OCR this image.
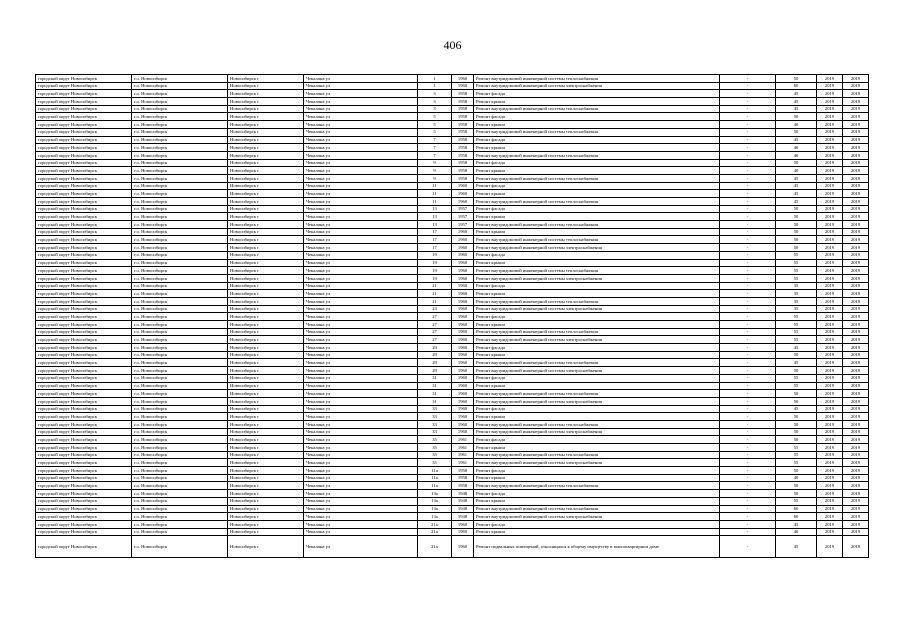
406
городской округ Новосибирск	г.о. Новосибирск	Новосибирск г	Чекалина ул	1	1960	Ремонт внутридомовой инженерной системы теплоснабжения	-	50	2019	2019
городской округ Новосибирск	г.о. Новосибирск	Новосибирск г	Чекалина ул	1	1960	Ремонт внутридомовой инженерной системы электроснабжения	-	60	2019	2019
городской округ Новосибирск	г.о. Новосибирск	Новосибирск г	Чекалина ул	3	1958	Ремонт фасада	-	45	2019	2019
городской округ Новосибирск	г.о. Новосибирск	Новосибирск г	Чекалина ул	3	1958	Ремонт крыши	-	45	2019	2019
городской округ Новосибирск	г.о. Новосибирск	Новосибирск г	Чекалина ул	3	1958	Ремонт внутридомовой инженерной системы теплоснабжения	-	45	2019	2019
городской округ Новосибирск	г.о. Новосибирск	Новосибирск г	Чекалина ул	5	1958	Ремонт фасада	-	50	2019	2019
городской округ Новосибирск	г.о. Новосибирск	Новосибирск г	Чекалина ул	5	1958	Ремонт крыши	-	40	2019	2019
городской округ Новосибирск	г.о. Новосибирск	Новосибирск г	Чекалина ул	5	1958	Ремонт внутридомовой инженерной системы теплоснабжения	-	50	2019	2019
городской округ Новосибирск	г.о. Новосибирск	Новосибирск г	Чекалина ул	7	1958	Ремонт фасада	-	45	2019	2019
городской округ Новосибирск	г.о. Новосибирск	Новосибирск г	Чекалина ул	7	1958	Ремонт крыши	-	40	2019	2019
городской округ Новосибирск	г.о. Новосибирск	Новосибирск г	Чекалина ул	7	1958	Ремонт внутридомовой инженерной системы теплоснабжения	-	40	2019	2019
городской округ Новосибирск	г.о. Новосибирск	Новосибирск г	Чекалина ул	9	1958	Ремонт фасада	-	50	2019	2019
городской округ Новосибирск	г.о. Новосибирск	Новосибирск г	Чекалина ул	9	1958	Ремонт крыши	-	40	2019	2019
городской округ Новосибирск	г.о. Новосибирск	Новосибирск г	Чекалина ул	9	1958	Ремонт внутридомовой инженерной системы теплоснабжения	-	45	2019	2019
городской округ Новосибирск	г.о. Новосибирск	Новосибирск г	Чекалина ул	11	1960	Ремонт фасада	-	45	2019	2019
городской округ Новосибирск	г.о. Новосибирск	Новосибирск г	Чекалина ул	11	1960	Ремонт крыши	-	45	2019	2019
городской округ Новосибирск	г.о. Новосибирск	Новосибирск г	Чекалина ул	11	1960	Ремонт внутридомовой инженерной системы теплоснабжения	-	45	2019	2019
городской округ Новосибирск	г.о. Новосибирск	Новосибирск г	Чекалина ул	13	1957	Ремонт фасада	-	50	2019	2019
городской округ Новосибирск	г.о. Новосибирск	Новосибирск г	Чекалина ул	13	1957	Ремонт крыши	-	50	2019	2019
городской округ Новосибирск	г.о. Новосибирск	Новосибирск г	Чекалина ул	13	1957	Ремонт внутридомовой инженерной системы теплоснабжения	-	50	2019	2019
городской округ Новосибирск	г.о. Новосибирск	Новосибирск г	Чекалина ул	17	1960	Ремонт крыши	-	50	2019	2019
городской округ Новосибирск	г.о. Новосибирск	Новосибирск г	Чекалина ул	17	1960	Ремонт внутридомовой инженерной системы теплоснабжения	-	50	2019	2019
городской округ Новосибирск	г.о. Новосибирск	Новосибирск г	Чекалина ул	17	1960	Ремонт внутридомовой инженерной системы электроснабжения	-	50	2019	2019
городской округ Новосибирск	г.о. Новосибирск	Новосибирск г	Чекалина ул	19	1960	Ремонт фасада	-	55	2019	2019
городской округ Новосибирск	г.о. Новосибирск	Новосибирск г	Чекалина ул	19	1960	Ремонт крыши	-	55	2019	2019
городской округ Новосибирск	г.о. Новосибирск	Новосибирск г	Чекалина ул	19	1960	Ремонт внутридомовой инженерной системы теплоснабжения	-	55	2019	2019
городской округ Новосибирск	г.о. Новосибирск	Новосибирск г	Чекалина ул	19	1960	Ремонт внутридомовой инженерной системы электроснабжения	-	55	2019	2019
городской округ Новосибирск	г.о. Новосибирск	Новосибирск г	Чекалина ул	21	1960	Ремонт фасада	-	35	2019	2019
городской округ Новосибирск	г.о. Новосибирск	Новосибирск г	Чекалина ул	21	1960	Ремонт крыши	-	35	2019	2019
городской округ Новосибирск	г.о. Новосибирск	Новосибирск г	Чекалина ул	21	1960	Ремонт внутридомовой инженерной системы теплоснабжения	-	35	2019	2019
городской округ Новосибирск	г.о. Новосибирск	Новосибирск г	Чекалина ул	23	1960	Ремонт внутридомовой инженерной системы электроснабжения	-	35	2019	2019
городской округ Новосибирск	г.о. Новосибирск	Новосибирск г	Чекалина ул	27	1960	Ремонт фасада	-	55	2019	2019
городской округ Новосибирск	г.о. Новосибирск	Новосибирск г	Чекалина ул	27	1960	Ремонт крыши	-	55	2019	2019
городской округ Новосибирск	г.о. Новосибирск	Новосибирск г	Чекалина ул	27	1960	Ремонт внутридомовой инженерной системы теплоснабжения	-	55	2019	2019
городской округ Новосибирск	г.о. Новосибирск	Новосибирск г	Чекалина ул	27	1960	Ремонт внутридомовой инженерной системы электроснабжения	-	55	2019	2019
городской округ Новосибирск	г.о. Новосибирск	Новосибирск г	Чекалина ул	29	1960	Ремонт фасада	-	45	2019	2019
городской округ Новосибирск	г.о. Новосибирск	Новосибирск г	Чекалина ул	29	1960	Ремонт крыши	-	50	2019	2019
городской округ Новосибирск	г.о. Новосибирск	Новосибирск г	Чекалина ул	29	1960	Ремонт внутридомовой инженерной системы теплоснабжения	-	45	2019	2019
городской округ Новосибирск	г.о. Новосибирск	Новосибирск г	Чекалина ул	29	1960	Ремонт внутридомовой инженерной системы электроснабжения	-	50	2019	2019
городской округ Новосибирск	г.о. Новосибирск	Новосибирск г	Чекалина ул	31	1960	Ремонт фасада	-	55	2019	2019
городской округ Новосибирск	г.о. Новосибирск	Новосибирск г	Чекалина ул	31	1960	Ремонт крыши	-	55	2019	2019
городской округ Новосибирск	г.о. Новосибирск	Новосибирск г	Чекалина ул	31	1960	Ремонт внутридомовой инженерной системы теплоснабжения	-	50	2019	2019
городской округ Новосибирск	г.о. Новосибирск	Новосибирск г	Чекалина ул	31	1960	Ремонт внутридомовой инженерной системы электроснабжения	-	50	2019	2019
городской округ Новосибирск	г.о. Новосибирск	Новосибирск г	Чекалина ул	33	1960	Ремонт фасада	-	45	2019	2019
городской округ Новосибирск	г.о. Новосибирск	Новосибирск г	Чекалина ул	33	1960	Ремонт крыши	-	50	2019	2019
городской округ Новосибирск	г.о. Новосибирск	Новосибирск г	Чекалина ул	33	1960	Ремонт внутридомовой инженерной системы теплоснабжения	-	50	2019	2019
городской округ Новосибирск	г.о. Новосибирск	Новосибирск г	Чекалина ул	33	1960	Ремонт внутридомовой инженерной системы электроснабжения	-	50	2019	2019
городской округ Новосибирск	г.о. Новосибирск	Новосибирск г	Чекалина ул	35	1961	Ремонт фасада	-	50	2019	2019
городской округ Новосибирск	г.о. Новосибирск	Новосибирск г	Чекалина ул	35	1961	Ремонт крыши	-	55	2019	2019
городской округ Новосибирск	г.о. Новосибирск	Новосибирск г	Чекалина ул	35	1961	Ремонт внутридомовой инженерной системы теплоснабжения	-	55	2019	2019
городской округ Новосибирск	г.о. Новосибирск	Новосибирск г	Чекалина ул	35	1961	Ремонт внутридомовой инженерной системы электроснабжения	-	55	2019	2019
городской округ Новосибирск	г.о. Новосибирск	Новосибирск г	Чекалина ул	11а	1958	Ремонт фасада	-	50	2019	2019
городской округ Новосибирск	г.о. Новосибирск	Новосибирск г	Чекалина ул	11а	1958	Ремонт крыши	-	40	2019	2019
городской округ Новосибирск	г.о. Новосибирск	Новосибирск г	Чекалина ул	11а	1958	Ремонт внутридомовой инженерной системы теплоснабжения	-	50	2019	2019
городской округ Новосибирск	г.о. Новосибирск	Новосибирск г	Чекалина ул	13а	1948	Ремонт фасада	-	50	2019	2019
городской округ Новосибирск	г.о. Новосибирск	Новосибирск г	Чекалина ул	13а	1948	Ремонт крыши	-	55	2019	2019
городской округ Новосибирск	г.о. Новосибирск	Новосибирск г	Чекалина ул	13а	1948	Ремонт внутридомовой инженерной системы теплоснабжения	-	60	2019	2019
городской округ Новосибирск	г.о. Новосибирск	Новосибирск г	Чекалина ул	13а	1948	Ремонт внутридомовой инженерной системы электроснабжения	-	60	2019	2019
городской округ Новосибирск	г.о. Новосибирск	Новосибирск г	Чекалина ул	21а	1960	Ремонт фасада	-	45	2019	2019
городской округ Новосибирск	г.о. Новосибирск	Новосибирск г	Чекалина ул	21а	1960	Ремонт крыши	-	40	2019	2019
городской округ Новосибирск	г.о. Новосибирск	Новосибирск г	Чекалина ул	21а	1960	Ремонт подвальных помещений, относящихся к общему имуществу в многоквартирном доме	-	45	2019	2019
